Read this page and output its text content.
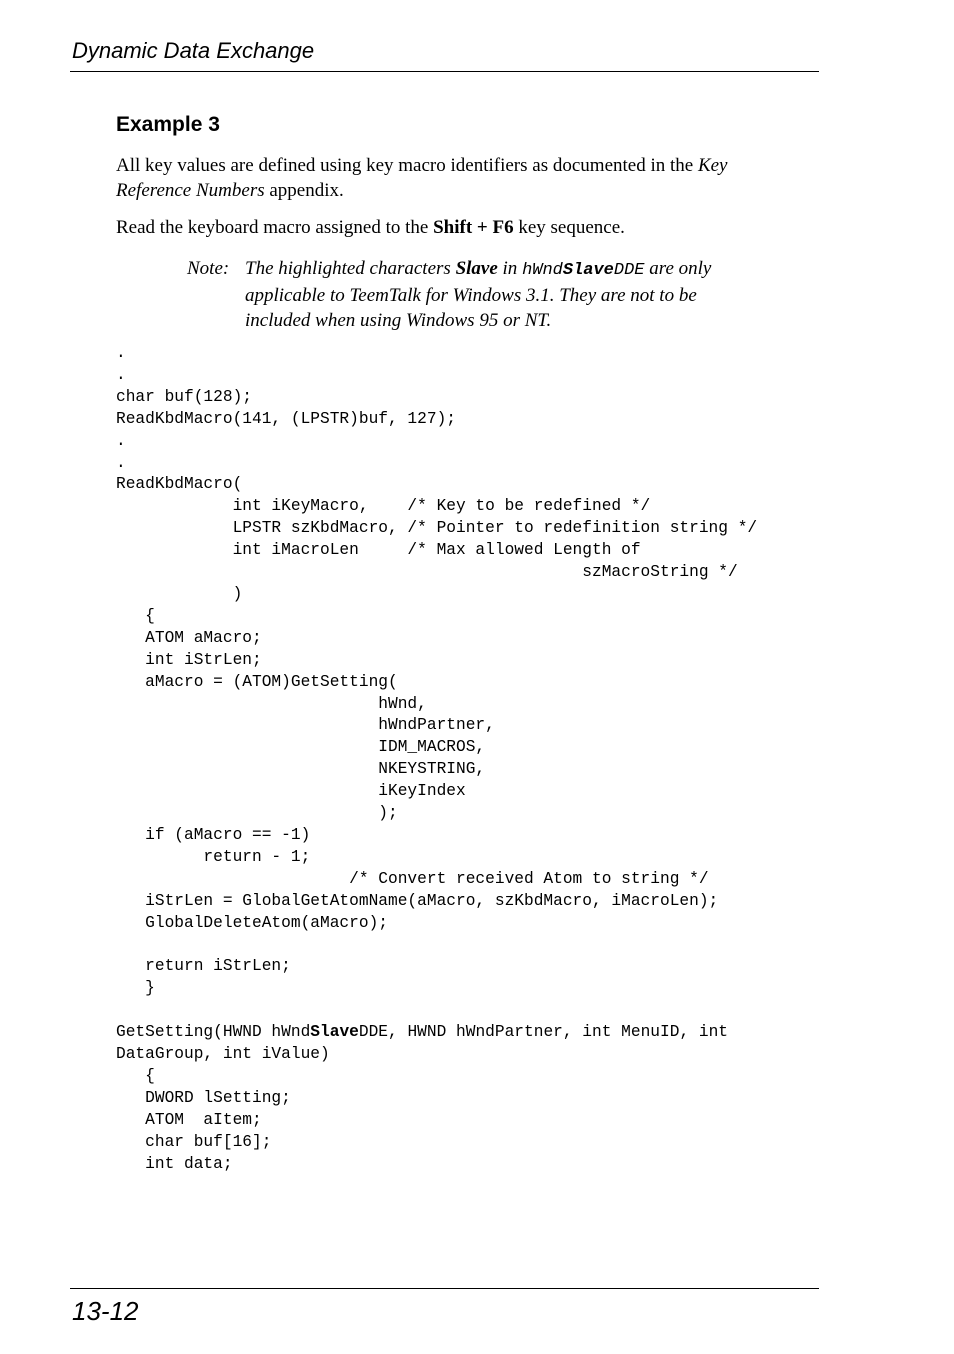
Dynamic Data Exchange
Example 3
All key values are defined using key macro identifiers as documented in the Key Reference Numbers appendix.
Read the keyboard macro assigned to the Shift + F6 key sequence.
Note: The highlighted characters Slave in hWndSlaveDDE are only applicable to TeemTalk for Windows 3.1. They are not to be included when using Windows 95 or NT.
.
.
char buf(128);
ReadKbdMacro(141, (LPSTR)buf, 127);
.
.
ReadKbdMacro(
int iKeyMacro,    /* Key to be redefined */
LPSTR szKbdMacro, /* Pointer to redefinition string */
int iMacroLen     /* Max allowed Length of
szMacroString */
)
{
ATOM aMacro;
int iStrLen;
aMacro = (ATOM)GetSetting(
hWnd,
hWndPartner,
IDM_MACROS,
NKEYSTRING,
iKeyIndex
);
if (aMacro == -1)
return - 1;
/* Convert received Atom to string */
iStrLen = GlobalGetAtomName(aMacro, szKbdMacro, iMacroLen);
GlobalDeleteAtom(aMacro);

return iStrLen;
}

GetSetting(HWND hWndSlaveDDE, HWND hWndPartner, int MenuID, int
DataGroup, int iValue)
{
DWORD lSetting;
ATOM  aItem;
char buf[16];
int data;
13-12
